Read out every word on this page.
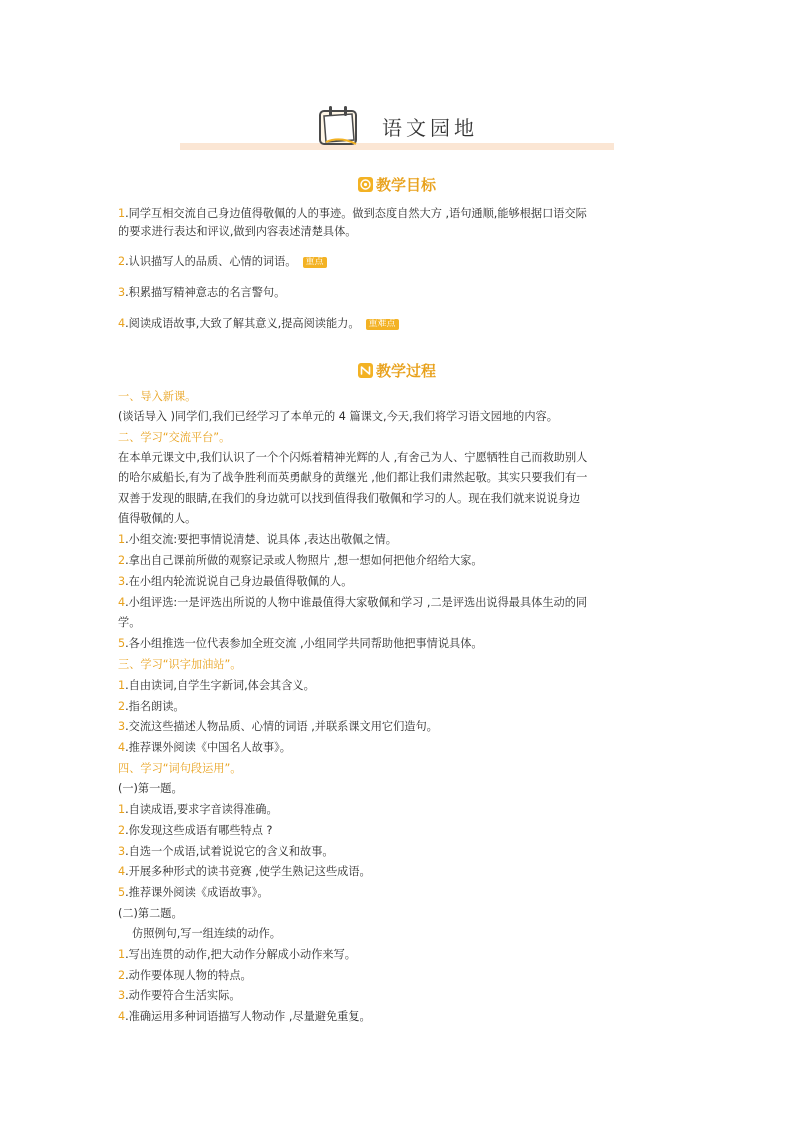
语文园地
教学目标
1.同学互相交流自己身边值得敬佩的人的事迹。做到态度自然大方 ,语句通顺,能够根据口语交际
的要求进行表达和评议,做到内容表述清楚具体。
2.认识描写人的品质、心情的词语。 重点
3.积累描写精神意志的名言警句。
4.阅读成语故事,大致了解其意义,提高阅读能力。 重难点
教学过程
一、导入新课。
(谈话导入 )同学们,我们已经学习了本单元的 4 篇课文,今天,我们将学习语文园地的内容。
二、学习“交流平台”。
在本单元课文中,我们认识了一个个闪烁着精神光辉的人 ,有舍己为人、宁愿牺牲自己而救助别人
的哈尔威船长,有为了战争胜利而英勇献身的黄继光 ,他们都让我们肃然起敬。其实只要我们有一
双善于发现的眼睛,在我们的身边就可以找到值得我们敬佩和学习的人。现在我们就来说说身边
值得敬佩的人。
1.小组交流:要把事情说清楚、说具体 ,表达出敬佩之情。
2.拿出自己课前所做的观察记录或人物照片 ,想一想如何把他介绍给大家。
3.在小组内轮流说说自己身边最值得敬佩的人。
4.小组评选:一是评选出所说的人物中谁最值得大家敬佩和学习 ,二是评选出说得最具体生动的同
学。
5.各小组推选一位代表参加全班交流 ,小组同学共同帮助他把事情说具体。
三、学习“识字加油站”。
1.自由读词,自学生字新词,体会其含义。
2.指名朗读。
3.交流这些描述人物品质、心情的词语 ,并联系课文用它们造句。
4.推荐课外阅读《中国名人故事》。
四、学习“词句段运用”。
(一)第一题。
1.自读成语,要求字音读得准确。
2.你发现这些成语有哪些特点 ?
3.自选一个成语,试着说说它的含义和故事。
4.开展多种形式的读书竞赛 ,使学生熟记这些成语。
5.推荐课外阅读《成语故事》。
(二)第二题。
仿照例句,写一组连续的动作。
1.写出连贯的动作,把大动作分解成小动作来写。
2.动作要体现人物的特点。
3.动作要符合生活实际。
4.准确运用多种词语描写人物动作 ,尽量避免重复。
